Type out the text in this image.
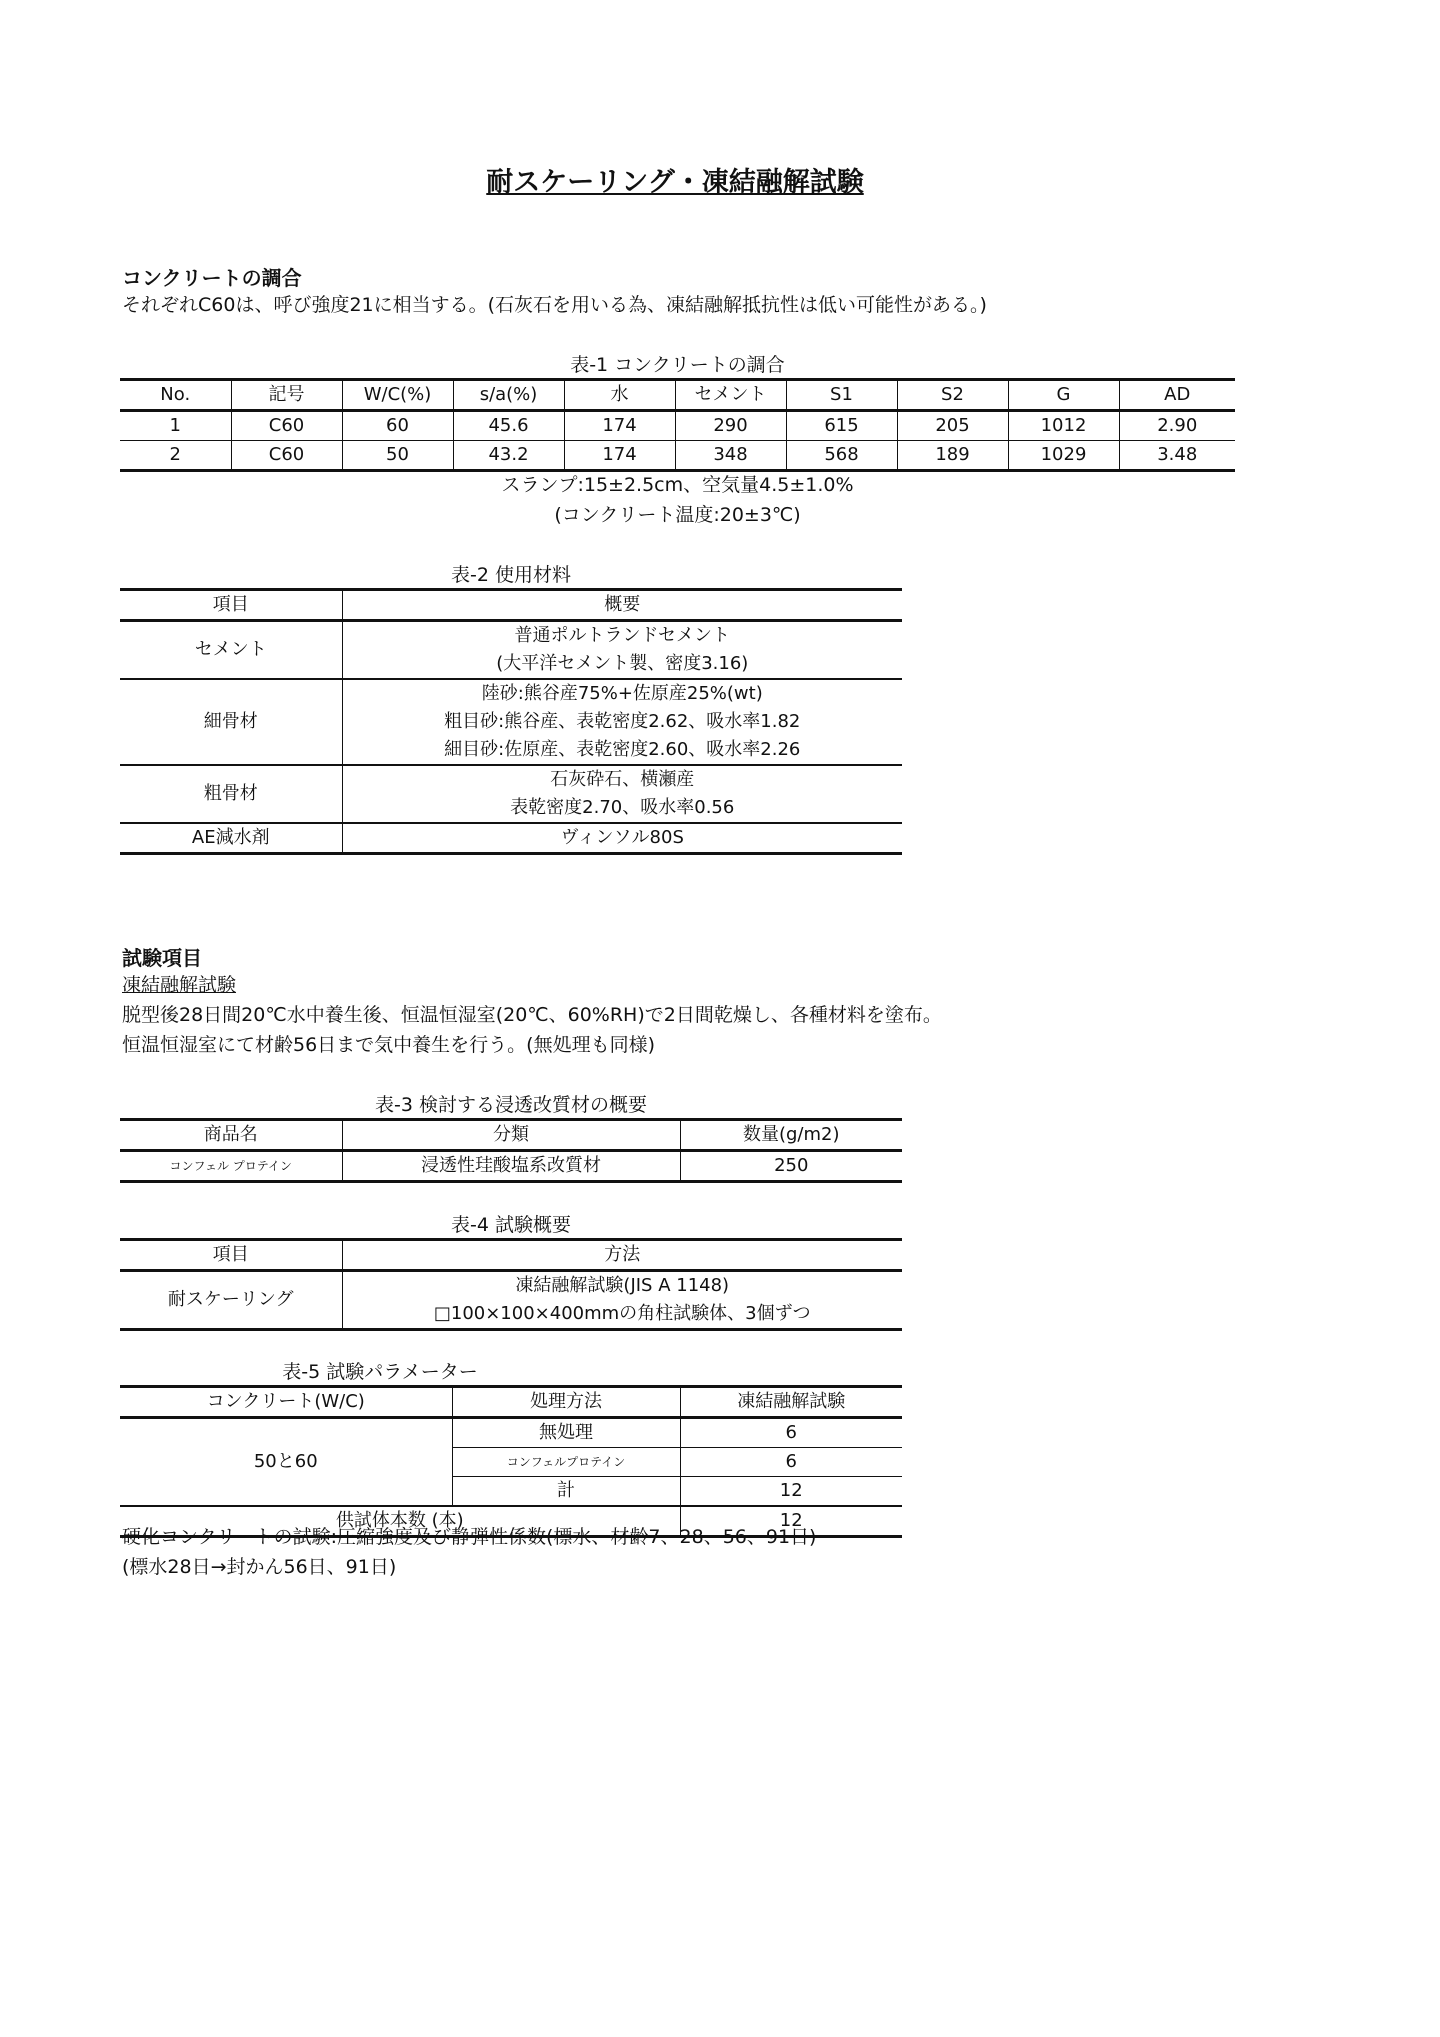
耐スケーリング・凍結融解試験
コンクリートの調合
それぞれC60は、呼び強度21に相当する。(石灰石を用いる為、凍結融解抵抗性は低い可能性がある。)
表-1 コンクリートの調合
No.	記号	W/C(%)	s/a(%)	水	セメント	S1	S2	G	AD
1	C60	60	45.6	174	290	615	205	1012	2.90
2	C60	50	43.2	174	348	568	189	1029	3.48
スランプ:15±2.5cm、空気量4.5±1.0%
(コンクリート温度:20±3℃)
表-2 使用材料
項目	概要
セメント	普通ポルトランドセメント
(大平洋セメント製、密度3.16)

細骨材	陸砂:熊谷産75%+佐原産25%(wt)
粗目砂:熊谷産、表乾密度2.62、吸水率1.82
細目砂:佐原産、表乾密度2.60、吸水率2.26

粗骨材	石灰砕石、横瀬産
表乾密度2.70、吸水率0.56

AE減水剤	ヴィンソル80S
試験項目
凍結融解試験
脱型後28日間20℃水中養生後、恒温恒湿室(20℃、60%RH)で2日間乾燥し、各種材料を塗布。
恒温恒湿室にて材齢56日まで気中養生を行う。(無処理も同様)
表-3 検討する浸透改質材の概要
商品名	分類	数量(g/m2)
コンフェル プロテイン	浸透性珪酸塩系改質材	250
表-4 試験概要
項目	方法
耐スケーリング	凍結融解試験(JIS A 1148)
□100×100×400mmの角柱試験体、3個ずつ
表-5 試験パラメーター
コンクリート(W/C)	処理方法	凍結融解試験
50と60	無処理	6
	コンフェルプロテイン	6
	計	12
供試体本数 (本)		12
硬化コンクリートの試験:圧縮強度及び静弾性係数(標水、材齢7、28、56、91日)
(標水28日→封かん56日、91日)
